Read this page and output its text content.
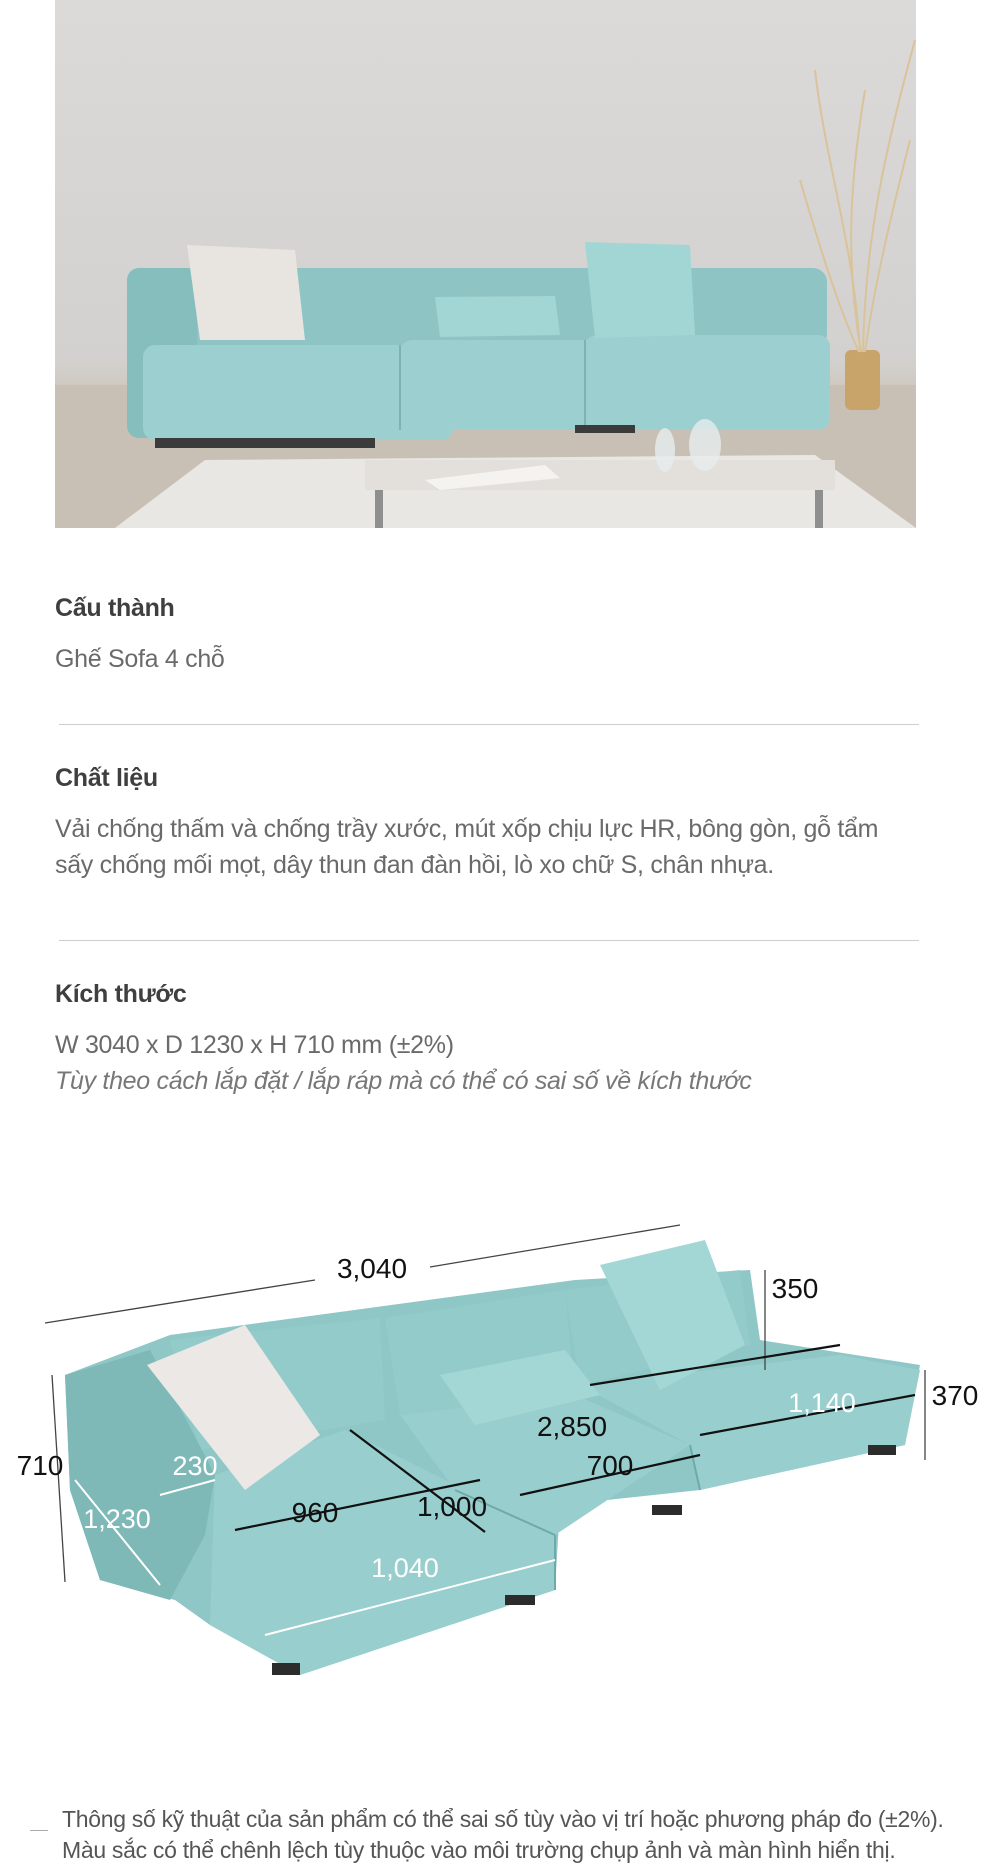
Cấu thành
Ghế Sofa 4 chỗ
Chất liệu
Vải chống thấm và chống trầy xước, mút xốp chịu lực HR, bông gòn, gỗ tẩm
sấy chống mối mọt, dây thun đan đàn hồi, lò xo chữ S, chân nhựa.
Kích thước
W 3040 x D 1230 x H 710 mm (±2%)
Tùy theo cách lắp đặt / lắp ráp mà có thể có sai số về kích thước
3,040
350
370
710	230
1,230	960	1,000
1,040
2,850
700
1,140
Thông số kỹ thuật của sản phẩm có thể sai số tùy vào vị trí hoặc phương pháp đo (±2%).
Màu sắc có thể chênh lệch tùy thuộc vào môi trường chụp ảnh và màn hình hiển thị.
